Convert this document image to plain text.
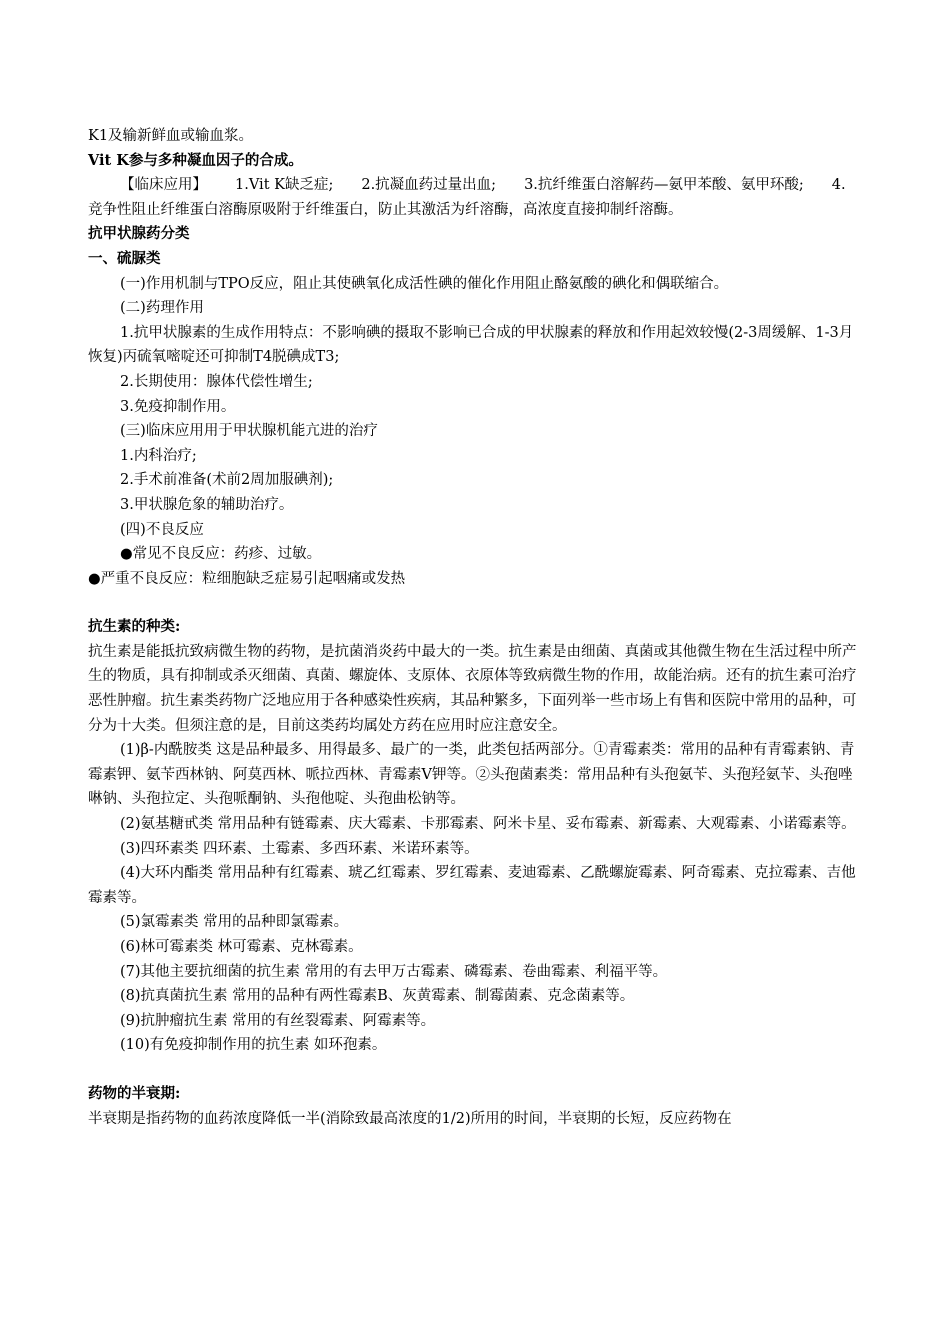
K1及输新鲜血或输血浆。

Vit K参与多种凝血因子的合成。

【临床应用】 1.Vit K缺乏症; 2.抗凝血药过量出血; 3.抗纤维蛋白溶解药—氨甲苯酸、氨甲环酸; 4.竞争性阻止纤维蛋白溶酶原吸附于纤维蛋白，防止其激活为纤溶酶，高浓度直接抑制纤溶酶。

抗甲状腺药分类

一、硫脲类

(一)作用机制与TPO反应，阻止其使碘氧化成活性碘的催化作用阻止酪氨酸的碘化和偶联缩合。

(二)药理作用

1.抗甲状腺素的生成作用特点：不影响碘的摄取不影响已合成的甲状腺素的释放和作用起效较慢(2-3周缓解、1-3月恢复)丙硫氧嘧啶还可抑制T4脱碘成T3;

2.长期使用：腺体代偿性增生;

3.免疫抑制作用。

(三)临床应用用于甲状腺机能亢进的治疗

1.内科治疗;

2.手术前准备(术前2周加服碘剂);

3.甲状腺危象的辅助治疗。

(四)不良反应

●常见不良反应：药疹、过敏。

●严重不良反应：粒细胞缺乏症易引起咽痛或发热

抗生素的种类:

抗生素是能抵抗致病微生物的药物，是抗菌消炎药中最大的一类。抗生素是由细菌、真菌或其他微生物在生活过程中所产生的物质，具有抑制或杀灭细菌、真菌、螺旋体、支原体、衣原体等致病微生物的作用，故能治病。还有的抗生素可治疗恶性肿瘤。抗生素类药物广泛地应用于各种感染性疾病，其品种繁多，下面列举一些市场上有售和医院中常用的品种，可分为十大类。但须注意的是，目前这类药均属处方药在应用时应注意安全。

(1)β-内酰胺类 这是品种最多、用得最多、最广的一类，此类包括两部分。①青霉素类：常用的品种有青霉素钠、青霉素钾、氨苄西林钠、阿莫西林、哌拉西林、青霉素V钾等。②头孢菌素类：常用品种有头孢氨苄、头孢羟氨苄、头孢唑啉钠、头孢拉定、头孢哌酮钠、头孢他啶、头孢曲松钠等。

(2)氨基糖甙类 常用品种有链霉素、庆大霉素、卡那霉素、阿米卡星、妥布霉素、新霉素、大观霉素、小诺霉素等。

(3)四环素类 四环素、土霉素、多西环素、米诺环素等。

(4)大环内酯类 常用品种有红霉素、琥乙红霉素、罗红霉素、麦迪霉素、乙酰螺旋霉素、阿奇霉素、克拉霉素、吉他霉素等。

(5)氯霉素类 常用的品种即氯霉素。

(6)林可霉素类 林可霉素、克林霉素。

(7)其他主要抗细菌的抗生素 常用的有去甲万古霉素、磷霉素、卷曲霉素、利福平等。

(8)抗真菌抗生素 常用的品种有两性霉素B、灰黄霉素、制霉菌素、克念菌素等。

(9)抗肿瘤抗生素 常用的有丝裂霉素、阿霉素等。

(10)有免疫抑制作用的抗生素 如环孢素。

药物的半衰期:

半衰期是指药物的血药浓度降低一半(消除致最高浓度的1/2)所用的时间，半衰期的长短，反应药物在
